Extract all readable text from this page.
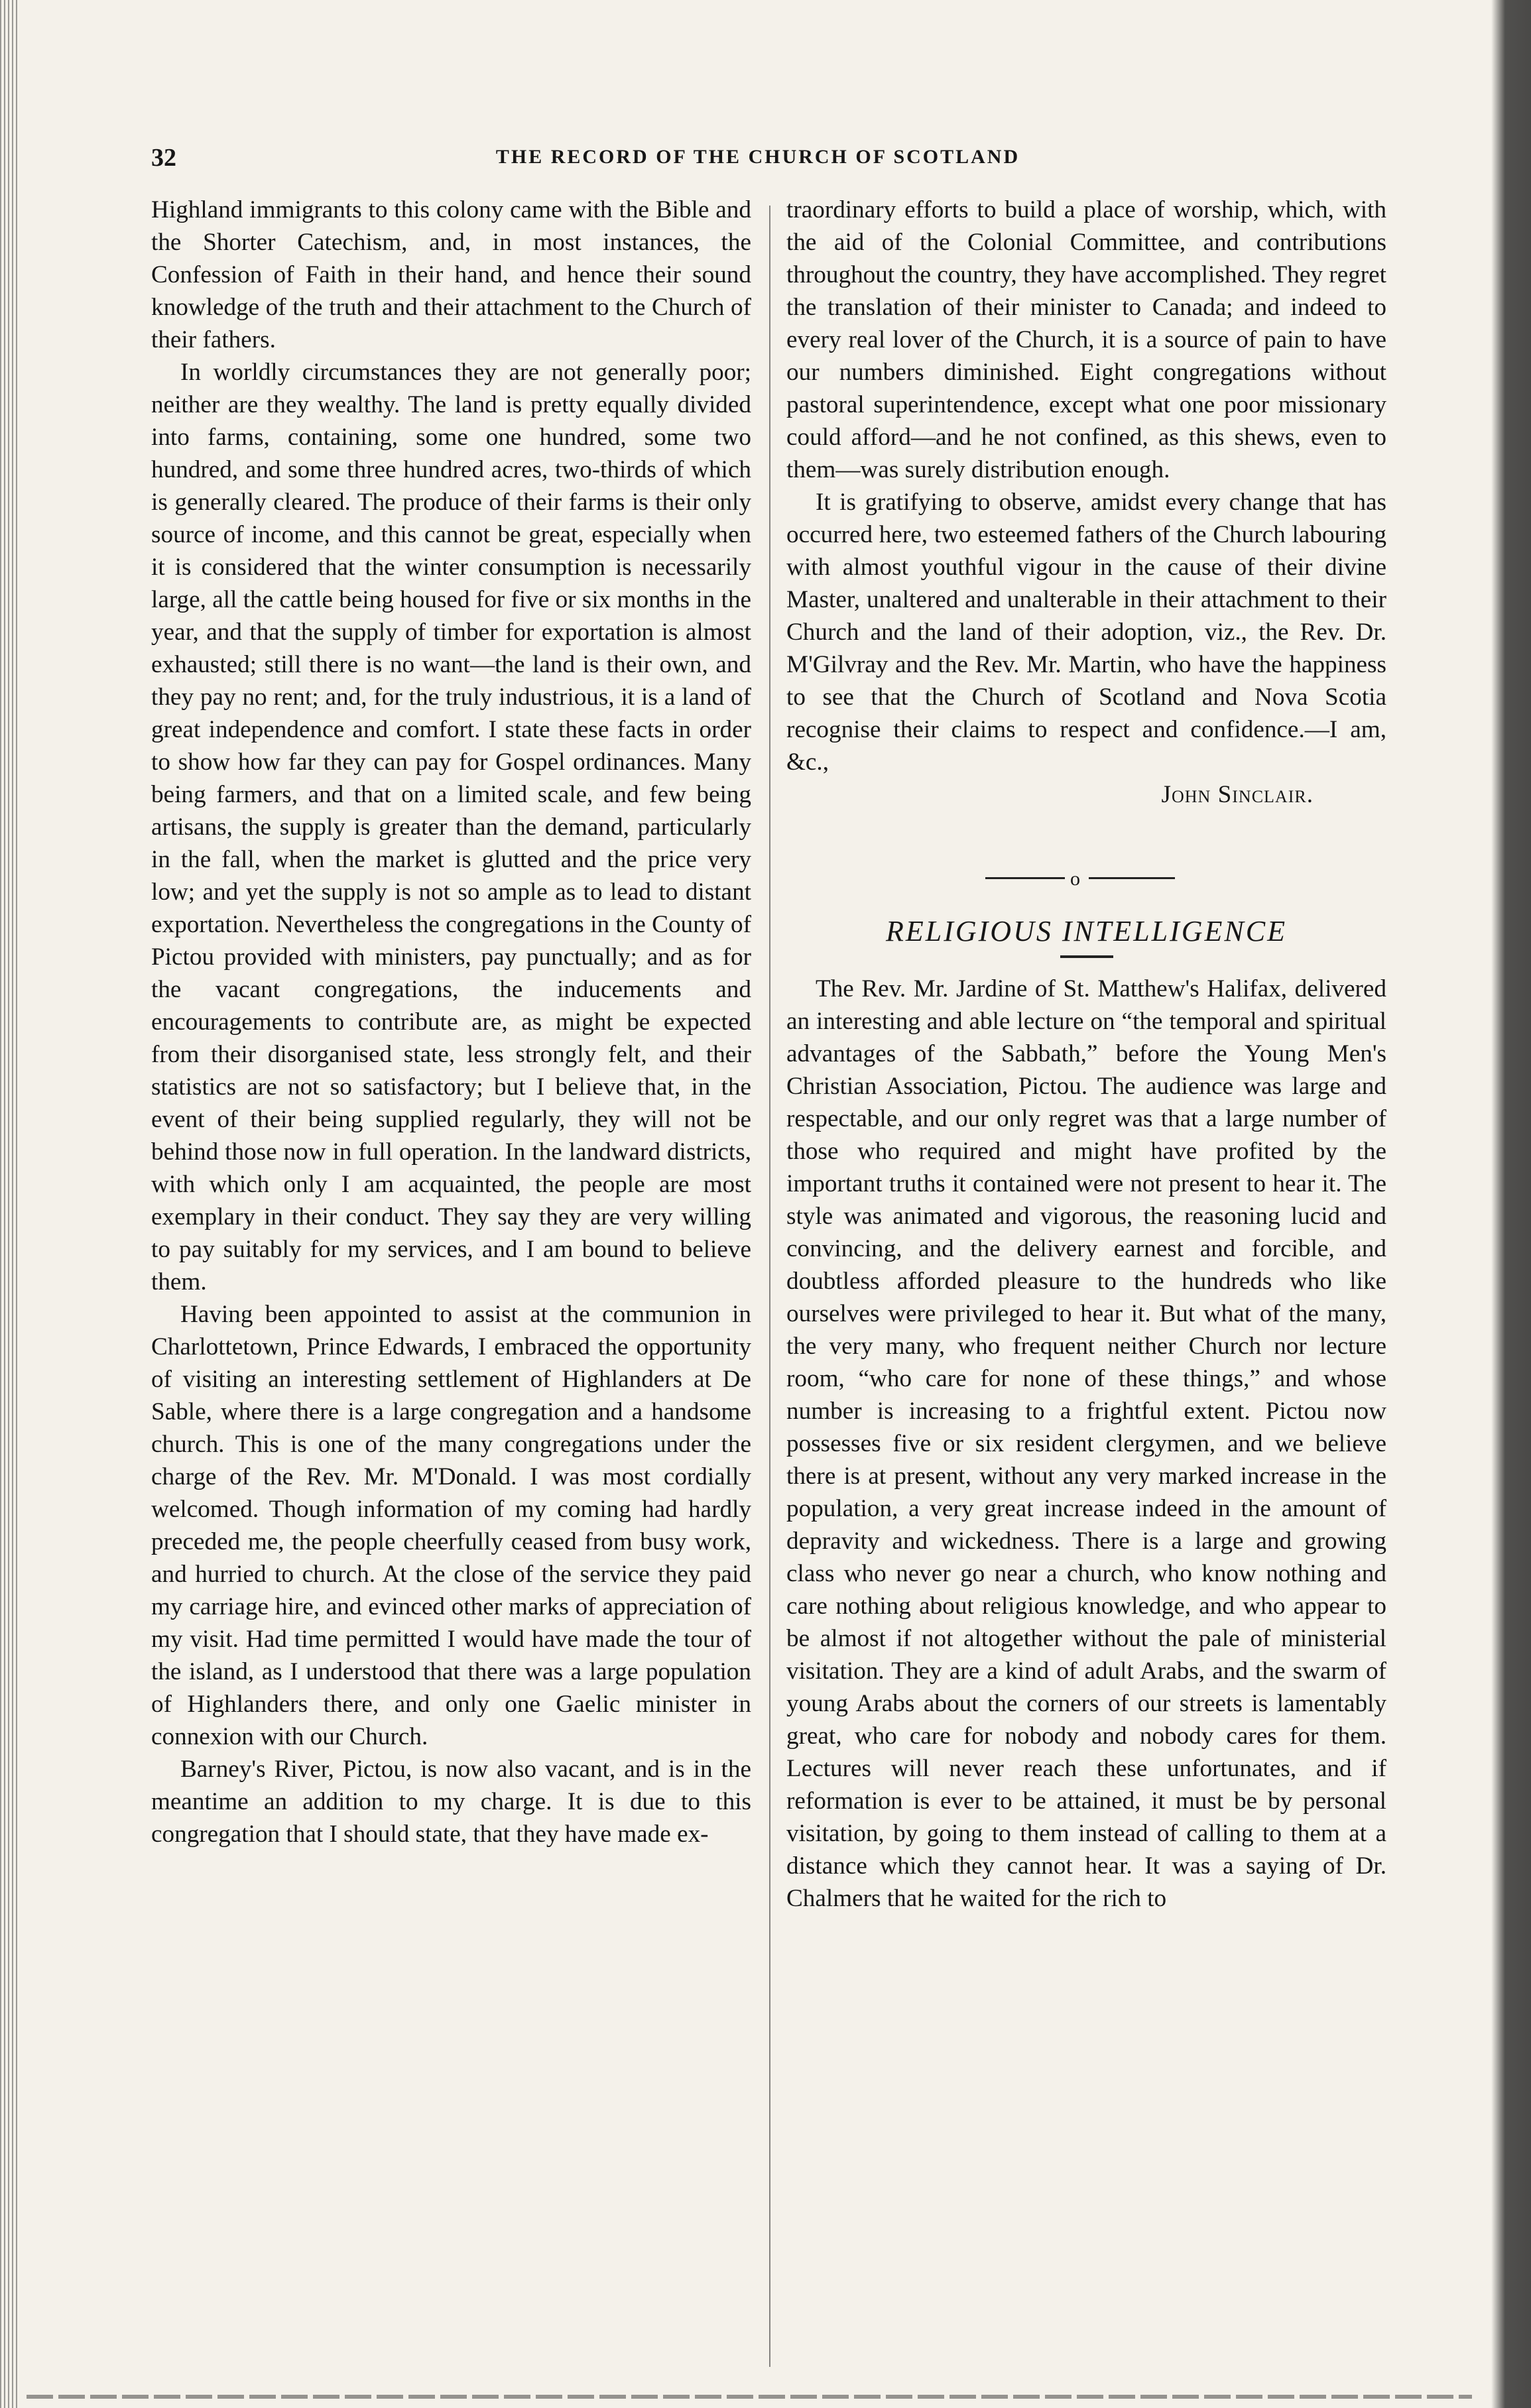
32	THE RECORD OF THE CHURCH OF SCOTLAND

Highland immigrants to this colony came with the Bible and the Shorter Catechism, and, in most instances, the Confession of Faith in their hand, and hence their sound knowledge of the truth and their attachment to the Church of their fathers.

In worldly circumstances they are not generally poor; neither are they wealthy. The land is pretty equally divided into farms, containing, some one hundred, some two hundred, and some three hundred acres, two-thirds of which is generally cleared. The produce of their farms is their only source of income, and this cannot be great, especially when it is considered that the winter consumption is necessarily large, all the cattle being housed for five or six months in the year, and that the supply of timber for exportation is almost exhausted; still there is no want—the land is their own, and they pay no rent; and, for the truly industrious, it is a land of great independence and comfort. I state these facts in order to show how far they can pay for Gospel ordinances. Many being farmers, and that on a limited scale, and few being artisans, the supply is greater than the demand, particularly in the fall, when the market is glutted and the price very low; and yet the supply is not so ample as to lead to distant exportation. Nevertheless the congregations in the County of Pictou provided with ministers, pay punctually; and as for the vacant congregations, the inducements and encouragements to contribute are, as might be expected from their disorganised state, less strongly felt, and their statistics are not so satisfactory; but I believe that, in the event of their being supplied regularly, they will not be behind those now in full operation. In the landward districts, with which only I am acquainted, the people are most exemplary in their conduct. They say they are very willing to pay suitably for my services, and I am bound to believe them.

Having been appointed to assist at the communion in Charlottetown, Prince Edwards, I embraced the opportunity of visiting an interesting settlement of Highlanders at De Sable, where there is a large congregation and a handsome church. This is one of the many congregations under the charge of the Rev. Mr. M'Donald. I was most cordially welcomed. Though information of my coming had hardly preceded me, the people cheerfully ceased from busy work, and hurried to church. At the close of the service they paid my carriage hire, and evinced other marks of appreciation of my visit. Had time permitted I would have made the tour of the island, as I understood that there was a large population of Highlanders there, and only one Gaelic minister in connexion with our Church.

Barney's River, Pictou, is now also vacant, and is in the meantime an addition to my charge. It is due to this congregation that I should state, that they have made ex-

traordinary efforts to build a place of worship, which, with the aid of the Colonial Committee, and contributions throughout the country, they have accomplished. They regret the translation of their minister to Canada; and indeed to every real lover of the Church, it is a source of pain to have our numbers diminished. Eight congregations without pastoral superintendence, except what one poor missionary could afford—and he not confined, as this shews, even to them—was surely distribution enough.

It is gratifying to observe, amidst every change that has occurred here, two esteemed fathers of the Church labouring with almost youthful vigour in the cause of their divine Master, unaltered and unalterable in their attachment to their Church and the land of their adoption, viz., the Rev. Dr. M'Gilvray and the Rev. Mr. Martin, who have the happiness to see that the Church of Scotland and Nova Scotia recognise their claims to respect and confidence.—I am, &c.,

John Sinclair.

o
RELIGIOUS INTELLIGENCE

The Rev. Mr. Jardine of St. Matthew's Halifax, delivered an interesting and able lecture on “the temporal and spiritual advantages of the Sabbath,” before the Young Men's Christian Association, Pictou. The audience was large and respectable, and our only regret was that a large number of those who required and might have profited by the important truths it contained were not present to hear it. The style was animated and vigorous, the reasoning lucid and convincing, and the delivery earnest and forcible, and doubtless afforded pleasure to the hundreds who like ourselves were privileged to hear it. But what of the many, the very many, who frequent neither Church nor lecture room, “who care for none of these things,” and whose number is increasing to a frightful extent. Pictou now possesses five or six resident clergymen, and we believe there is at present, without any very marked increase in the population, a very great increase indeed in the amount of depravity and wickedness. There is a large and growing class who never go near a church, who know nothing and care nothing about religious knowledge, and who appear to be almost if not altogether without the pale of ministerial visitation. They are a kind of adult Arabs, and the swarm of young Arabs about the corners of our streets is lamentably great, who care for nobody and nobody cares for them. Lectures will never reach these unfortunates, and if reformation is ever to be attained, it must be by personal visitation, by going to them instead of calling to them at a distance which they cannot hear. It was a saying of Dr. Chalmers that he waited for the rich to
